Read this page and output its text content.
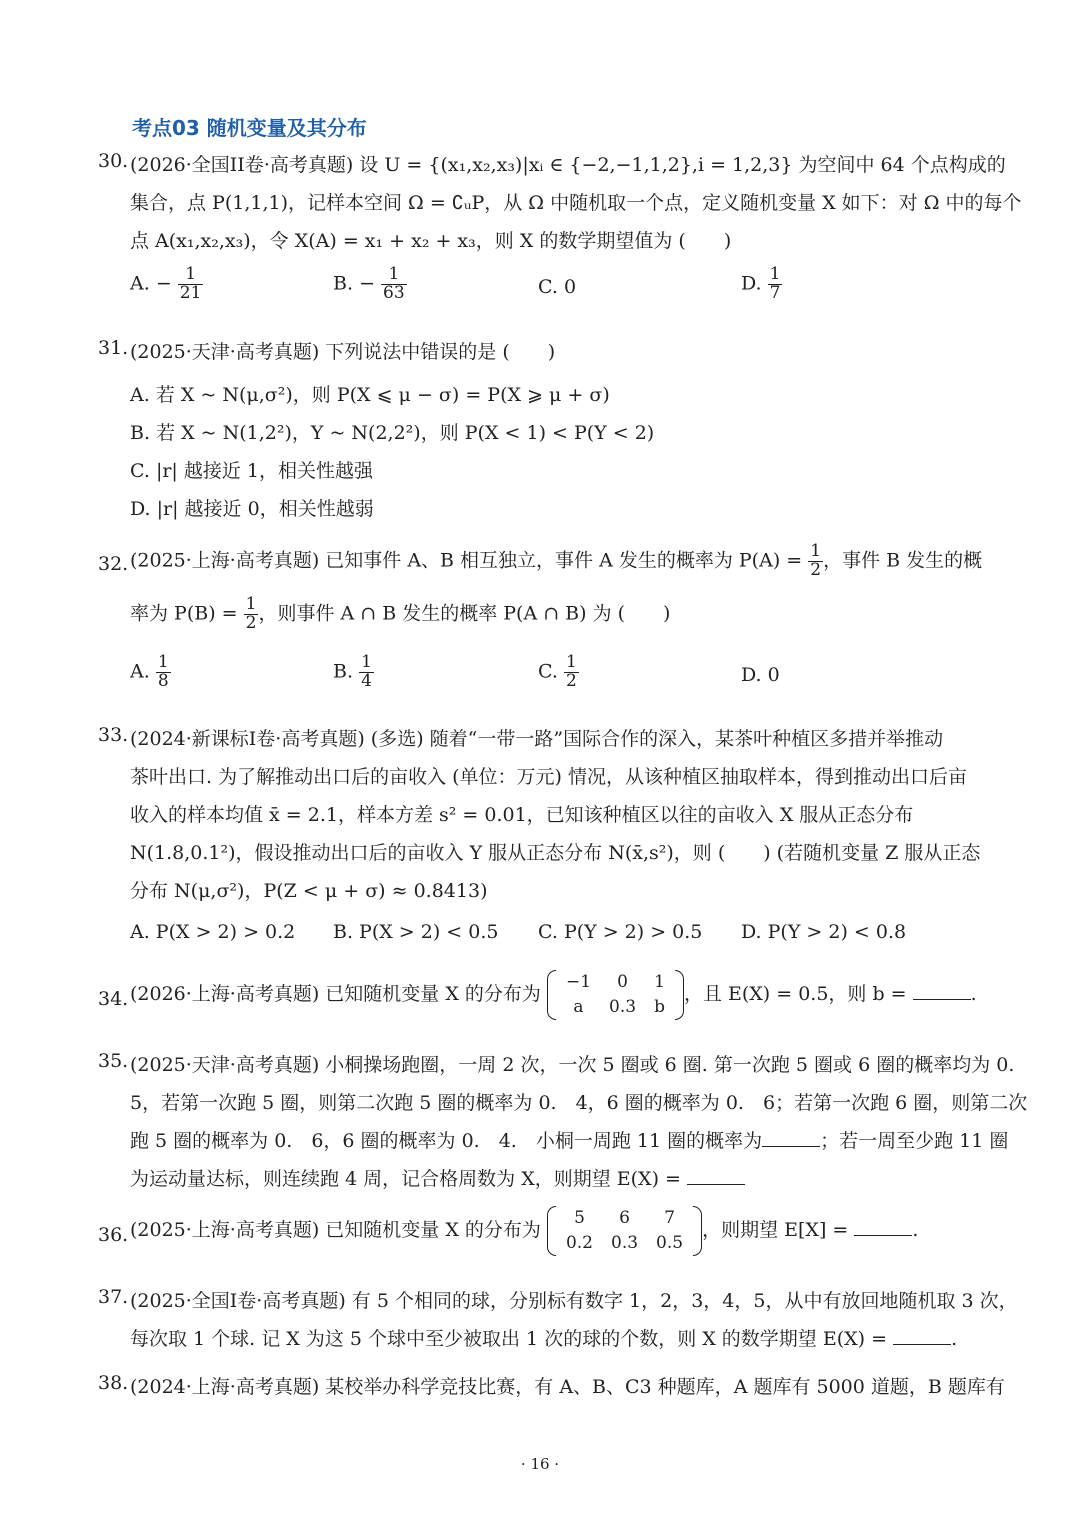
考点03 随机变量及其分布
30. (2026·全国II卷·高考真题) 设 U = {(x₁,x₂,x₃)|xᵢ ∈ {−2,−1,1,2},i = 1,2,3} 为空间中 64 个点构成的
集合，点 P(1,1,1)，记样本空间 Ω = ∁ᵤP，从 Ω 中随机取一个点，定义随机变量 X 如下：对 Ω 中的每个
点 A(x₁,x₂,x₃)，令 X(A) = x₁ + x₂ + x₃，则 X 的数学期望值为 (　　)
A. − $\frac{1}{21}$	B. − $\frac{1}{63}$	C. 0	D. $\frac{1}{7}$
31. (2025·天津·高考真题) 下列说法中错误的是 (　　)
A. 若 X ~ N(μ,σ²)，则 P(X ⩽ μ − σ) = P(X ⩾ μ + σ)
B. 若 X ~ N(1,2²)，Y ~ N(2,2²)，则 P(X < 1) < P(Y < 2)
C. |r| 越接近 1，相关性越强
D. |r| 越接近 0，相关性越弱
32. (2025·上海·高考真题) 已知事件 A、B 相互独立，事件 A 发生的概率为 $P(A) = \frac{1}{2}$ ，事件 B 发生的概
率为 $P(B) = \frac{1}{2}$ ，则事件 A ∩ B 发生的概率 P(A ∩ B) 为 (　　)
A. $\frac{1}{8}$	B. $\frac{1}{4}$	C. $\frac{1}{2}$	D. 0
33. (2024·新课标I卷·高考真题) (多选) 随着“一带一路”国际合作的深入，某茶叶种植区多措并举推动
茶叶出口. 为了解推动出口后的亩收入 (单位：万元) 情况，从该种植区抽取样本，得到推动出口后亩
收入的样本均值 x̄ = 2.1，样本方差 s² = 0.01，已知该种植区以往的亩收入 X 服从正态分布
N(1.8,0.1²)，假设推动出口后的亩收入 Y 服从正态分布 N(x̄,s²)，则 (　　) (若随机变量 Z 服从正态
分布 N(μ,σ²)，P(Z < μ + σ) ≈ 0.8413)
A. P(X > 2) > 0.2 B. P(X > 2) < 0.5 C. P(Y > 2) > 0.5 D. P(Y > 2) < 0.8
34. (2026·上海·高考真题) 已知随机变量 X 的分布为
−1	0	1
a	0.3	b
，且 E(X) = 0.5，则 b =	.
35. (2025·天津·高考真题) 小桐操场跑圈，一周 2 次，一次 5 圈或 6 圈. 第一次跑 5 圈或 6 圈的概率均为 0.
5，若第一次跑 5 圈，则第二次跑 5 圈的概率为 0.　4，6 圈的概率为 0.　6；若第一次跑 6 圈，则第二次
跑 5 圈的概率为 0.　6，6 圈的概率为 0.　4.　小桐一周跑 11 圈的概率为	；若一周至少跑 11 圈
为运动量达标，则连续跑 4 周，记合格周数为 X，则期望 E(X) =
36. (2025·上海·高考真题) 已知随机变量 X 的分布为
5	6	7
0.2	0.3	0.5
，则期望 E[X] =	.
37. (2025·全国I卷·高考真题) 有 5 个相同的球，分别标有数字 1，2，3，4，5，从中有放回地随机取 3 次，
每次取 1 个球. 记 X 为这 5 个球中至少被取出 1 次的球的个数，则 X 的数学期望 E(X) =	.
38. (2024·上海·高考真题) 某校举办科学竞技比赛，有 A、B、C3 种题库，A 题库有 5000 道题，B 题库有
· 16 ·
